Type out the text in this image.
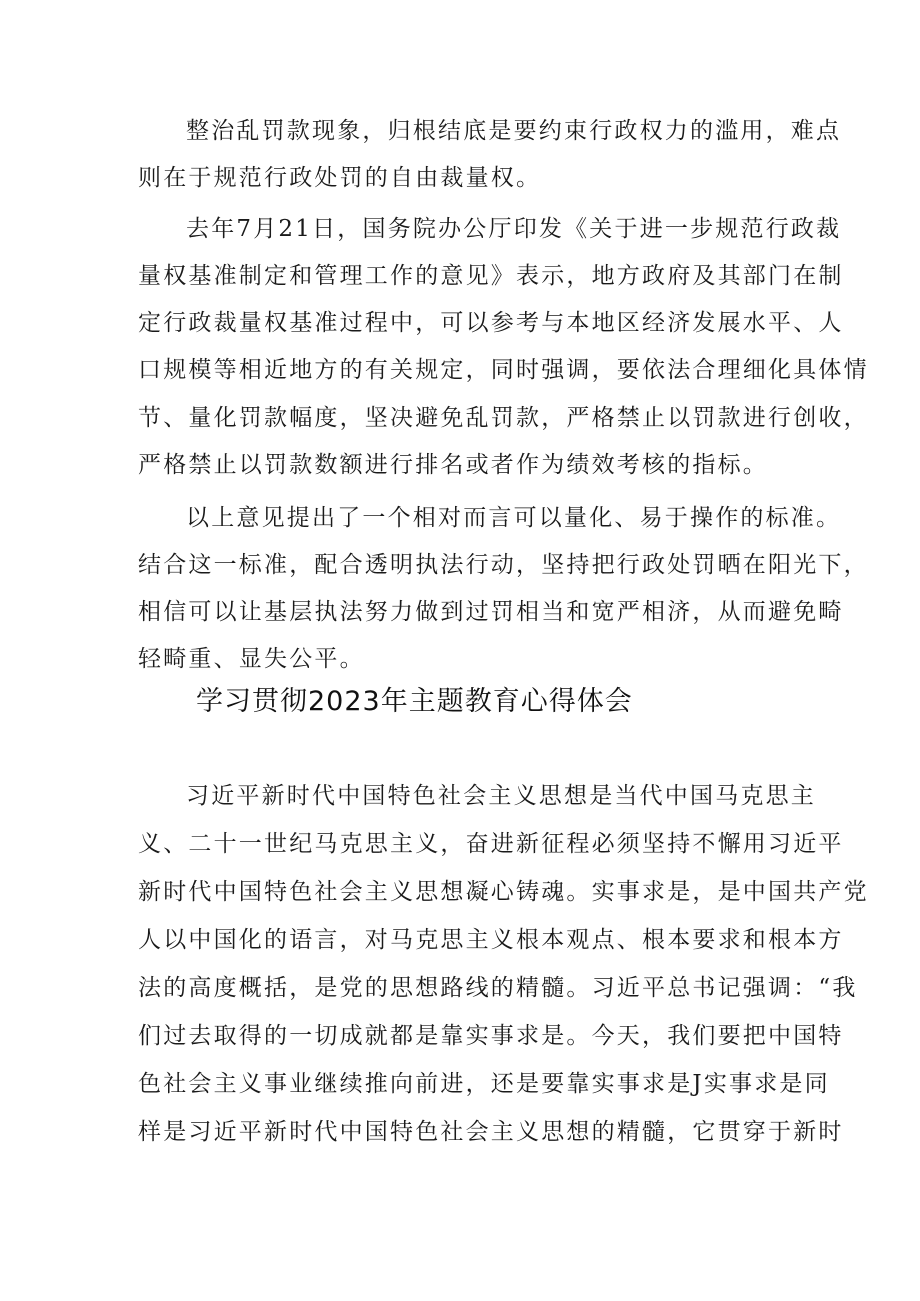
整治乱罚款现象，归根结底是要约束行政权力的滥用，难点
则在于规范行政处罚的自由裁量权。
去年7月21日，国务院办公厅印发《关于进一步规范行政裁
量权基准制定和管理工作的意见》表示，地方政府及其部门在制
定行政裁量权基准过程中，可以参考与本地区经济发展水平、人
口规模等相近地方的有关规定，同时强调，要依法合理细化具体情
节、量化罚款幅度，坚决避免乱罚款，严格禁止以罚款进行创收，
严格禁止以罚款数额进行排名或者作为绩效考核的指标。
以上意见提出了一个相对而言可以量化、易于操作的标准。
结合这一标准，配合透明执法行动，坚持把行政处罚晒在阳光下，
相信可以让基层执法努力做到过罚相当和宽严相济，从而避免畸
轻畸重、显失公平。
学习贯彻2023年主题教育心得体会
习近平新时代中国特色社会主义思想是当代中国马克思主
义、二十一世纪马克思主义，奋进新征程必须坚持不懈用习近平
新时代中国特色社会主义思想凝心铸魂。实事求是，是中国共产党
人以中国化的语言，对马克思主义根本观点、根本要求和根本方
法的高度概括，是党的思想路线的精髓。习近平总书记强调：“我
们过去取得的一切成就都是靠实事求是。今天，我们要把中国特
色社会主义事业继续推向前进，还是要靠实事求是J实事求是同
样是习近平新时代中国特色社会主义思想的精髓，它贯穿于新时
